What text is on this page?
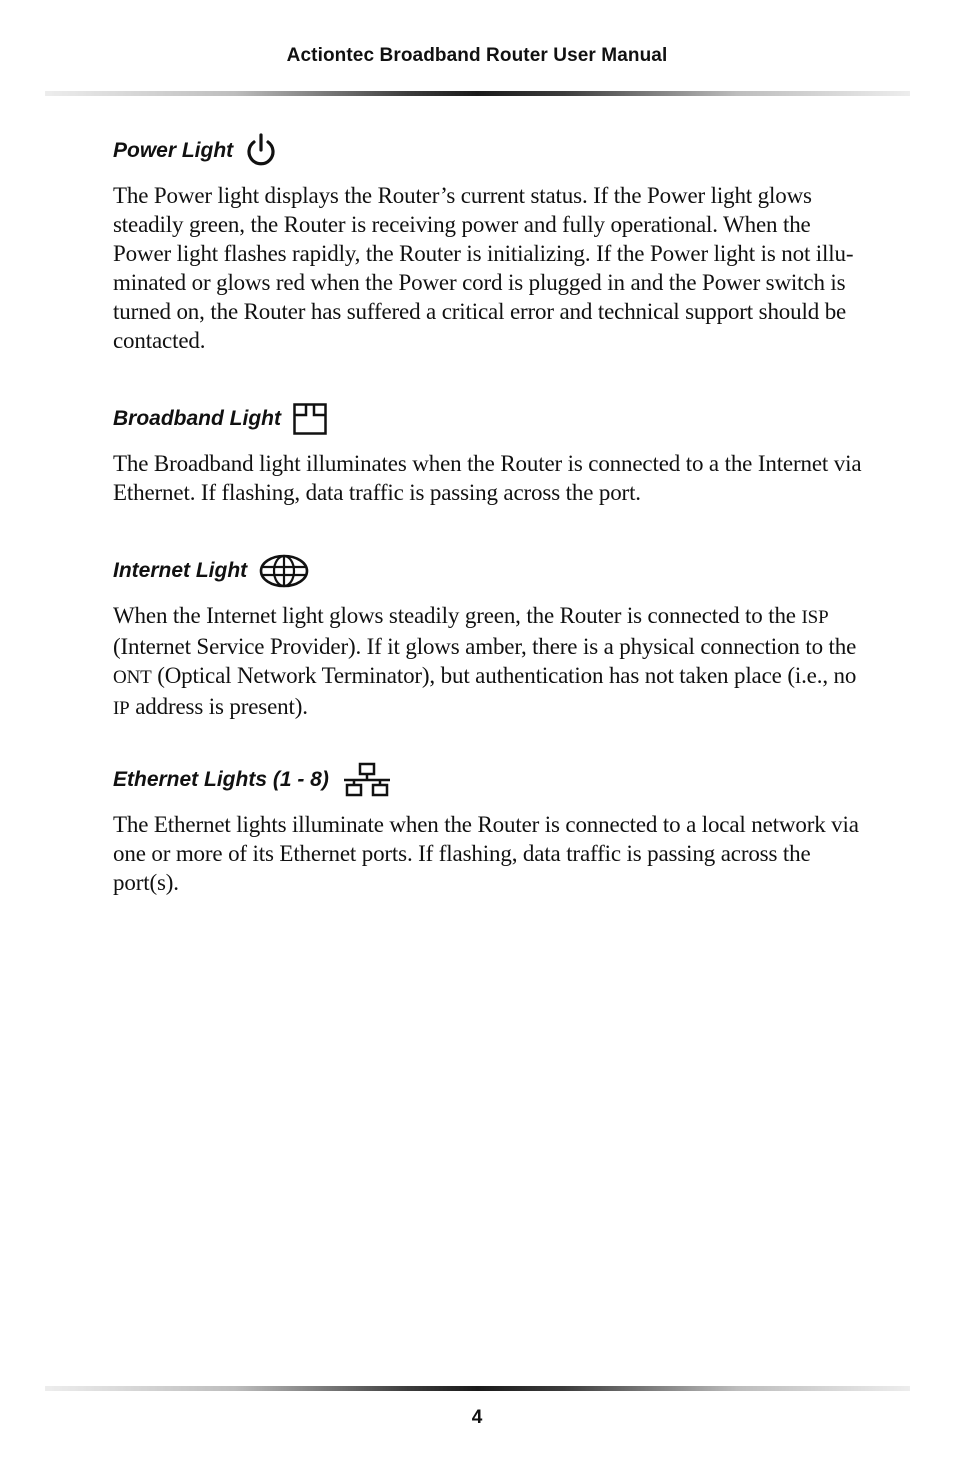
Actiontec Broadband Router User Manual
Power Light

The Power light displays the Router’s current status. If the Power light glows steadily green, the Router is receiving power and fully operational. When the Power light flashes rapidly, the Router is initializing. If the Power light is not illu-minated or glows red when the Power cord is plugged in and the Power switch is turned on, the Router has suffered a critical error and technical support should be contacted.

Broadband Light

The Broadband light illuminates when the Router is connected to a the Internet via Ethernet. If flashing, data traffic is passing across the port.

Internet Light

When the Internet light glows steadily green, the Router is connected to the ISP (Internet Service Provider). If it glows amber, there is a physical connection to the ONT (Optical Network Terminator), but authentication has not taken place (i.e., no IP address is present).

Ethernet Lights (1 - 8)

The Ethernet lights illuminate when the Router is connected to a local network via one or more of its Ethernet ports. If flashing, data traffic is passing across the port(s).

4
